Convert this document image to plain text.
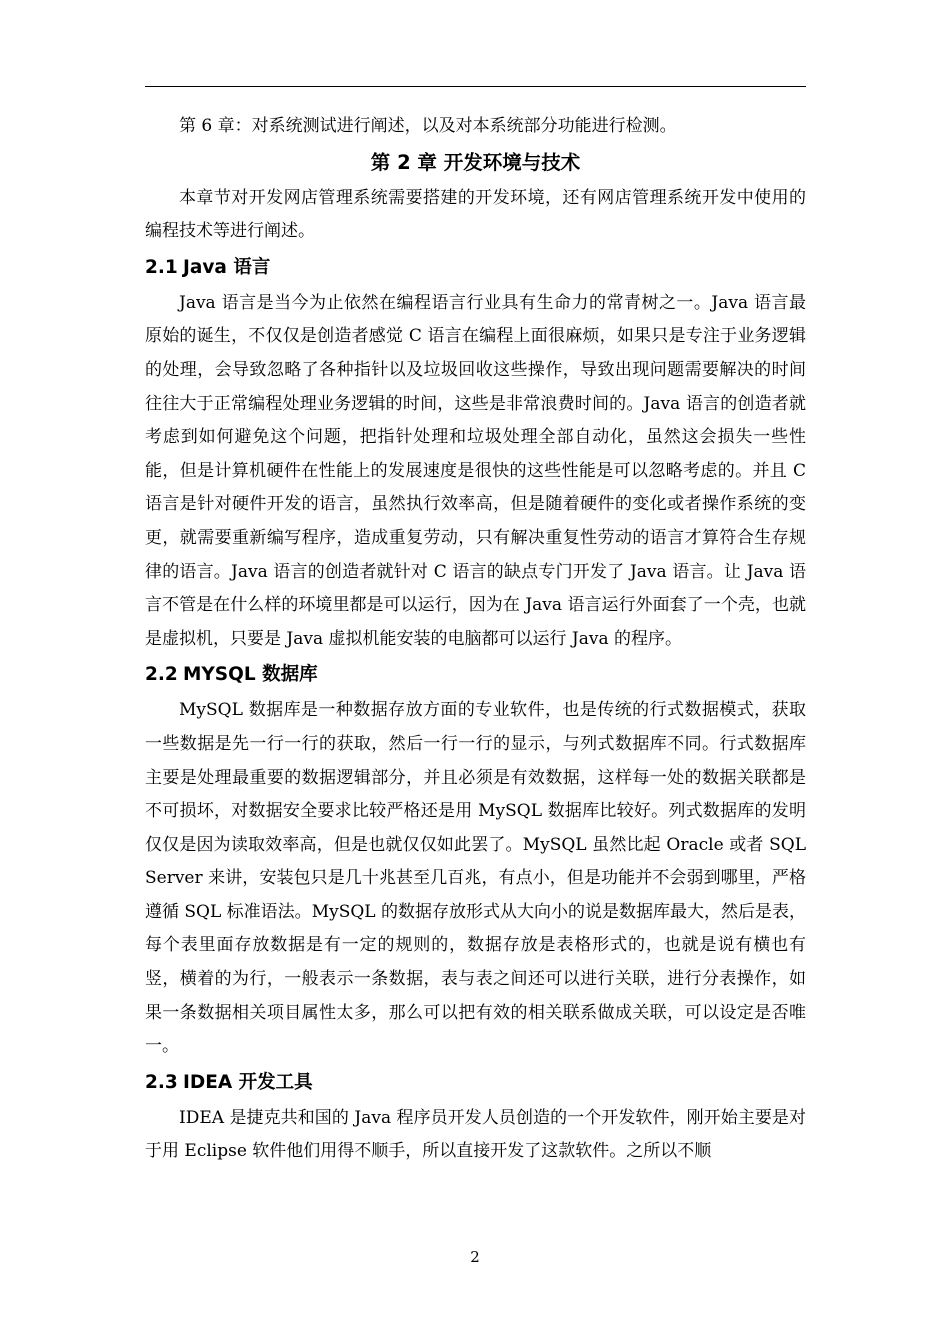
第 6 章：对系统测试进行阐述，以及对本系统部分功能进行检测。

第 2 章 开发环境与技术

本章节对开发网店管理系统需要搭建的开发环境，还有网店管理系统开发中使用的编程技术等进行阐述。

2.1 Java 语言

Java 语言是当今为止依然在编程语言行业具有生命力的常青树之一。Java 语言最原始的诞生，不仅仅是创造者感觉 C 语言在编程上面很麻烦，如果只是专注于业务逻辑的处理，会导致忽略了各种指针以及垃圾回收这些操作，导致出现问题需要解决的时间往往大于正常编程处理业务逻辑的时间，这些是非常浪费时间的。Java 语言的创造者就考虑到如何避免这个问题，把指针处理和垃圾处理全部自动化，虽然这会损失一些性能，但是计算机硬件在性能上的发展速度是很快的这些性能是可以忽略考虑的。并且 C 语言是针对硬件开发的语言，虽然执行效率高，但是随着硬件的变化或者操作系统的变更，就需要重新编写程序，造成重复劳动，只有解决重复性劳动的语言才算符合生存规律的语言。Java 语言的创造者就针对 C 语言的缺点专门开发了 Java 语言。让 Java 语言不管是在什么样的环境里都是可以运行，因为在 Java 语言运行外面套了一个壳，也就是虚拟机，只要是 Java 虚拟机能安装的电脑都可以运行 Java 的程序。

2.2 MYSQL 数据库

MySQL 数据库是一种数据存放方面的专业软件，也是传统的行式数据模式，获取一些数据是先一行一行的获取，然后一行一行的显示，与列式数据库不同。行式数据库主要是处理最重要的数据逻辑部分，并且必须是有效数据，这样每一处的数据关联都是不可损坏，对数据安全要求比较严格还是用 MySQL 数据库比较好。列式数据库的发明仅仅是因为读取效率高，但是也就仅仅如此罢了。MySQL 虽然比起 Oracle 或者 SQL Server 来讲，安装包只是几十兆甚至几百兆，有点小，但是功能并不会弱到哪里，严格遵循 SQL 标准语法。MySQL 的数据存放形式从大向小的说是数据库最大，然后是表，每个表里面存放数据是有一定的规则的，数据存放是表格形式的，也就是说有横也有竖，横着的为行，一般表示一条数据，表与表之间还可以进行关联，进行分表操作，如果一条数据相关项目属性太多，那么可以把有效的相关联系做成关联，可以设定是否唯一。

2.3 IDEA 开发工具

IDEA 是捷克共和国的 Java 程序员开发人员创造的一个开发软件，刚开始主要是对于用 Eclipse 软件他们用得不顺手，所以直接开发了这款软件。之所以不顺

2
